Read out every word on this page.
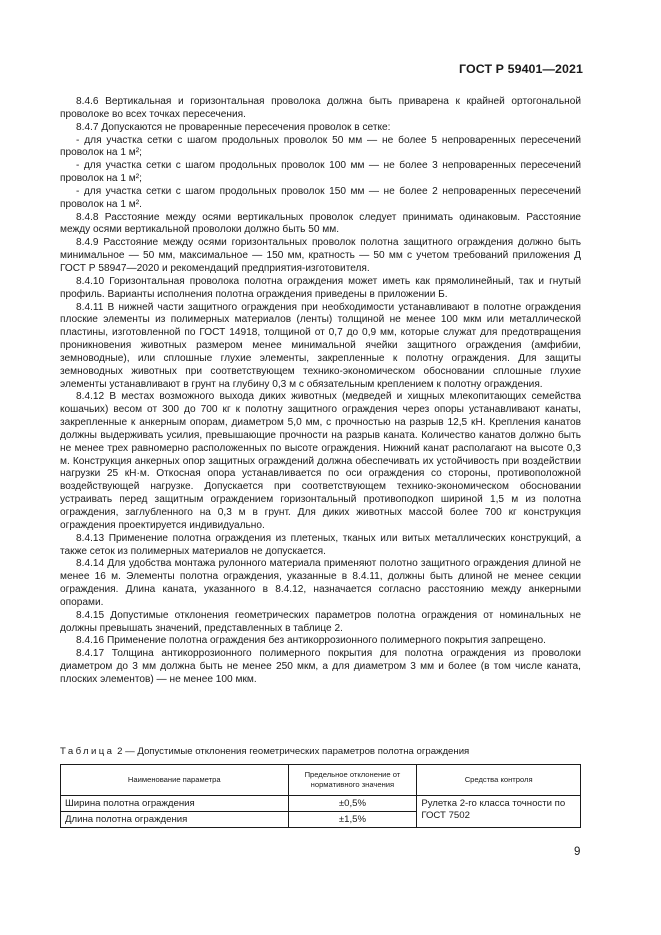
ГОСТ Р 59401—2021

8.4.6 Вертикальная и горизонтальная проволока должна быть приварена к крайней ортогональной проволоке во всех точках пересечения.

8.4.7 Допускаются не проваренные пересечения проволок в сетке:

- для участка сетки с шагом продольных проволок 50 мм — не более 5 непроваренных пересечений проволок на 1 м²;

- для участка сетки с шагом продольных проволок 100 мм — не более 3 непроваренных пересечений проволок на 1 м²;

- для участка сетки с шагом продольных проволок 150 мм — не более 2 непроваренных пересечений проволок на 1 м².

8.4.8 Расстояние между осями вертикальных проволок следует принимать одинаковым. Расстояние между осями вертикальной проволоки должно быть 50 мм.

8.4.9 Расстояние между осями горизонтальных проволок полотна защитного ограждения должно быть минимальное — 50 мм, максимальное — 150 мм, кратность — 50 мм с учетом требований приложения Д ГОСТ Р 58947—2020 и рекомендаций предприятия-изготовителя.

8.4.10 Горизонтальная проволока полотна ограждения может иметь как прямолинейный, так и гнутый профиль. Варианты исполнения полотна ограждения приведены в приложении Б.

8.4.11 В нижней части защитного ограждения при необходимости устанавливают в полотне ограждения плоские элементы из полимерных материалов (ленты) толщиной не менее 100 мкм или металлической пластины, изготовленной по ГОСТ 14918, толщиной от 0,7 до 0,9 мм, которые служат для предотвращения проникновения животных размером менее минимальной ячейки защитного ограждения (амфибии, земноводные), или сплошные глухие элементы, закрепленные к полотну ограждения. Для защиты земноводных животных при соответствующем технико-экономическом обосновании сплошные глухие элементы устанавливают в грунт на глубину 0,3 м с обязательным креплением к полотну ограждения.

8.4.12 В местах возможного выхода диких животных (медведей и хищных млекопитающих семейства кошачьих) весом от 300 до 700 кг к полотну защитного ограждения через опоры устанавливают канаты, закрепленные к анкерным опорам, диаметром 5,0 мм, с прочностью на разрыв 12,5 кН. Крепления канатов должны выдерживать усилия, превышающие прочности на разрыв каната. Количество канатов должно быть не менее трех равномерно расположенных по высоте ограждения. Нижний канат располагают на высоте 0,3 м. Конструкция анкерных опор защитных ограждений должна обеспечивать их устойчивость при воздействии нагрузки 25 кН·м. Откосная опора устанавливается по оси ограждения со стороны, противоположной воздействующей нагрузке. Допускается при соответствующем технико-экономическом обосновании устраивать перед защитным ограждением горизонтальный противоподкоп шириной 1,5 м из полотна ограждения, заглубленного на 0,3 м в грунт. Для диких животных массой более 700 кг конструкция ограждения проектируется индивидуально.

8.4.13 Применение полотна ограждения из плетеных, тканых или витых металлических конструкций, а также сеток из полимерных материалов не допускается.

8.4.14 Для удобства монтажа рулонного материала применяют полотно защитного ограждения длиной не менее 16 м. Элементы полотна ограждения, указанные в 8.4.11, должны быть длиной не менее секции ограждения. Длина каната, указанного в 8.4.12, назначается согласно расстоянию между анкерными опорами.

8.4.15 Допустимые отклонения геометрических параметров полотна ограждения от номинальных не должны превышать значений, представленных в таблице 2.

8.4.16 Применение полотна ограждения без антикоррозионного полимерного покрытия запрещено.

8.4.17 Толщина антикоррозионного полимерного покрытия для полотна ограждения из проволоки диаметром до 3 мм должна быть не менее 250 мкм, а для диаметром 3 мм и более (в том числе каната, плоских элементов) — не менее 100 мкм.

Таблица 2 — Допустимые отклонения геометрических параметров полотна ограждения
Наименование параметра	Предельное отклонение от нормативного значения	Средства контроля
Ширина полотна ограждения	±0,5%	Рулетка 2-го класса точности по ГОСТ 7502
Длина полотна ограждения	±1,5%	
9
